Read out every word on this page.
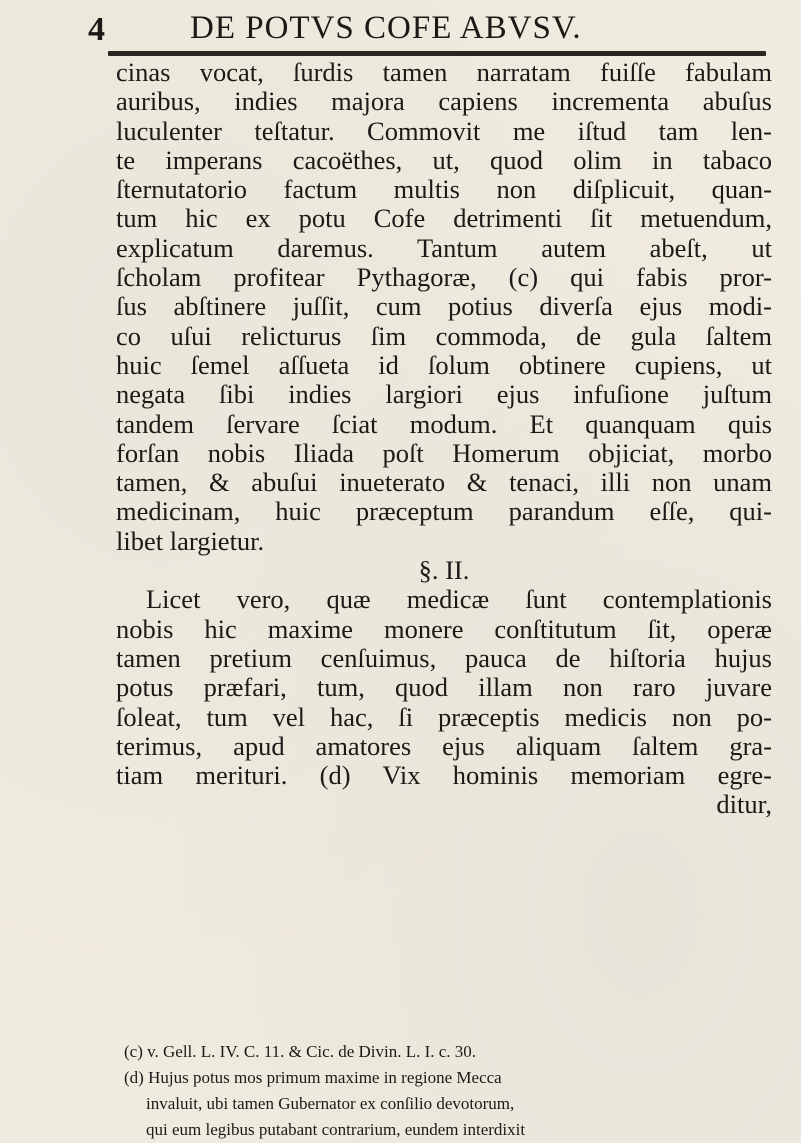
4	DE POTVS COFE ABVSV.
cinas vocat, ſurdis tamen narratam fuiſſe fabulam
auribus, indies majora capiens incrementa abuſus
luculenter teſtatur. Commovit me iſtud tam len-
te imperans cacoëthes, ut, quod olim in tabaco
ſternutatorio factum multis non diſplicuit, quan-
tum hic ex potu Cofe detrimenti ſit metuendum,
explicatum daremus. Tantum autem abeſt, ut
ſcholam profitear Pythagoræ, (c) qui fabis pror-
ſus abſtinere juſſit, cum potius diverſa ejus modi-
co uſui relicturus ſim commoda, de gula ſaltem
huic ſemel aſſueta id ſolum obtinere cupiens, ut
negata ſibi indies largiori ejus infuſione juſtum
tandem ſervare ſciat modum. Et quanquam quis
forſan nobis Iliada poſt Homerum objiciat, morbo
tamen, & abuſui inueterato & tenaci, illi non unam
medicinam, huic præceptum parandum eſſe, qui-
libet largietur.
§. II.
Licet vero, quæ medicæ ſunt contemplationis
nobis hic maxime monere conſtitutum ſit, operæ
tamen pretium cenſuimus, pauca de hiſtoria hujus
potus præfari, tum, quod illam non raro juvare
ſoleat, tum vel hac, ſi præceptis medicis non po-
terimus, apud amatores ejus aliquam ſaltem gra-
tiam merituri. (d) Vix hominis memoriam egre-
ditur,
(c) v. Gell. L. IV. C. 11. & Cic. de Divin. L. I. c. 30.
(d) Hujus potus mos primum maxime in regione Mecca
invaluit, ubi tamen Gubernator ex conſilio devotorum,
qui eum legibus putabant contrarium, eundem interdixit
